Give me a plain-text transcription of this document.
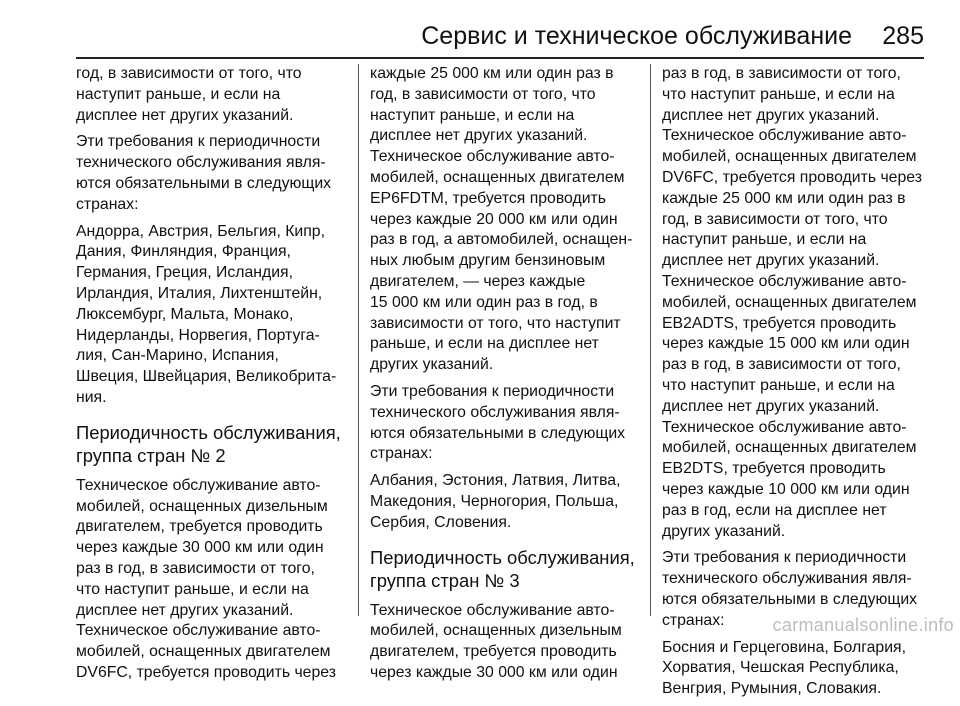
Сервис и техническое обслуживание 285
год, в зависимости от того, что
наступит раньше, и если на
дисплее нет других указаний.
Эти требования к периодичности
технического обслуживания явля‐
ются обязательными в следующих
странах:
Андорра, Австрия, Бельгия, Кипр,
Дания, Финляндия, Франция,
Германия, Греция, Исландия,
Ирландия, Италия, Лихтенштейн,
Люксембург, Мальта, Монако,
Нидерланды, Норвегия, Португа‐
лия, Сан-Марино, Испания,
Швеция, Швейцария, Великобрита‐
ния.
Периодичность обслуживания,
группа стран № 2
Техническое обслуживание авто‐
мобилей, оснащенных дизельным
двигателем, требуется проводить
через каждые 30 000 км или один
раз в год, в зависимости от того,
что наступит раньше, и если на
дисплее нет других указаний.
Техническое обслуживание авто‐
мобилей, оснащенных двигателем
DV6FC, требуется проводить через
каждые 25 000 км или один раз в
год, в зависимости от того, что
наступит раньше, и если на
дисплее нет других указаний.
Техническое обслуживание авто‐
мобилей, оснащенных двигателем
EP6FDTM, требуется проводить
через каждые 20 000 км или один
раз в год, а автомобилей, оснащен‐
ных любым другим бензиновым
двигателем, — через каждые
15 000 км или один раз в год, в
зависимости от того, что наступит
раньше, и если на дисплее нет
других указаний.
Эти требования к периодичности
технического обслуживания явля‐
ются обязательными в следующих
странах:
Албания, Эстония, Латвия, Литва,
Македония, Черногория, Польша,
Сербия, Словения.
Периодичность обслуживания,
группа стран № 3
Техническое обслуживание авто‐
мобилей, оснащенных дизельным
двигателем, требуется проводить
через каждые 30 000 км или один
раз в год, в зависимости от того,
что наступит раньше, и если на
дисплее нет других указаний.
Техническое обслуживание авто‐
мобилей, оснащенных двигателем
DV6FC, требуется проводить через
каждые 25 000 км или один раз в
год, в зависимости от того, что
наступит раньше, и если на
дисплее нет других указаний.
Техническое обслуживание авто‐
мобилей, оснащенных двигателем
EB2ADTS, требуется проводить
через каждые 15 000 км или один
раз в год, в зависимости от того,
что наступит раньше, и если на
дисплее нет других указаний.
Техническое обслуживание авто‐
мобилей, оснащенных двигателем
EB2DTS, требуется проводить
через каждые 10 000 км или один
раз в год, если на дисплее нет
других указаний.
Эти требования к периодичности
технического обслуживания явля‐
ются обязательными в следующих
странах:
Босния и Герцеговина, Болгария,
Хорватия, Чешская Республика,
Венгрия, Румыния, Словакия.
carmanualsonline.info
